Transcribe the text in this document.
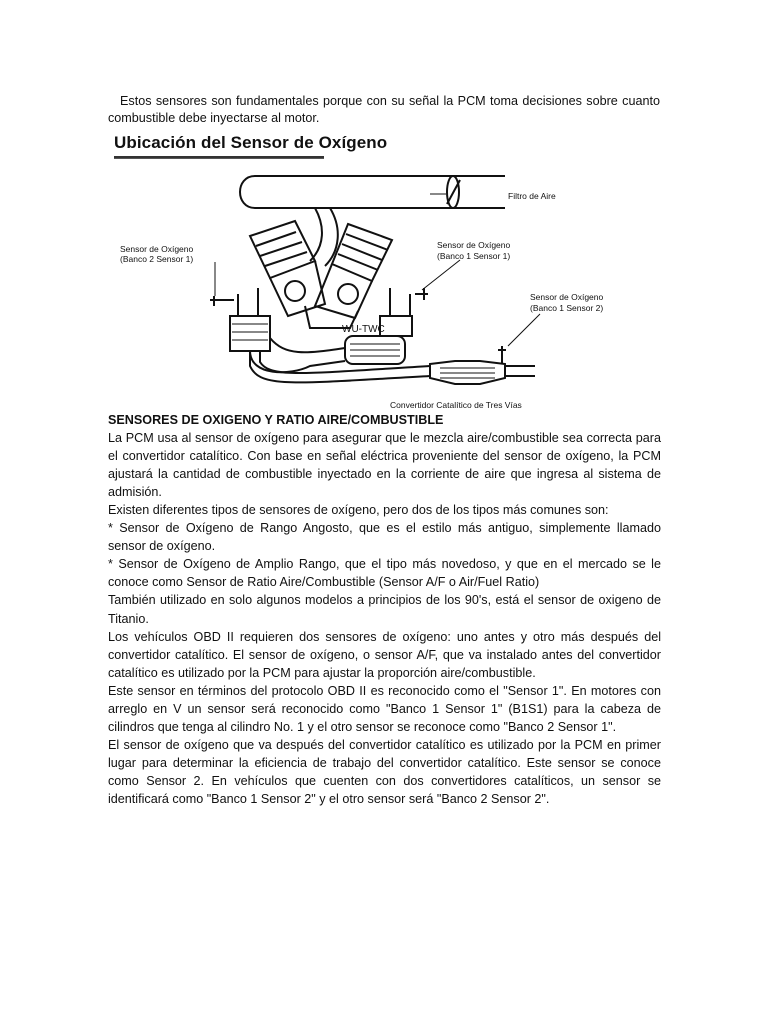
Estos sensores son fundamentales porque con su señal la PCM toma decisiones sobre cuanto combustible debe inyectarse al motor.

Ubicación del Sensor de Oxígeno
Filtro de Aire
Sensor de Oxígeno
(Banco 2 Sensor 1)
Sensor de Oxígeno
(Banco 1 Sensor 1)
Sensor de Oxígeno
(Banco 1 Sensor 2)
WU-TWC
Convertidor Catalítico de Tres Vías

SENSORES DE OXIGENO Y RATIO AIRE/COMBUSTIBLE

La PCM usa al sensor de oxígeno para asegurar que le mezcla aire/combustible sea correcta para el convertidor catalítico. Con base en señal eléctrica proveniente del sensor de oxígeno, la PCM ajustará la cantidad de combustible inyectado en la corriente de aire que ingresa al sistema de admisión.

Existen diferentes tipos de sensores de oxígeno, pero dos de los tipos más comunes son:

* Sensor de Oxígeno de Rango Angosto, que es el estilo más antiguo, simplemente llamado sensor de oxígeno.

* Sensor de Oxígeno de Amplio Rango, que el tipo más novedoso, y que en el mercado se le conoce como Sensor de Ratio Aire/Combustible (Sensor A/F o Air/Fuel Ratio)

También utilizado en solo algunos modelos a principios de los 90's, está el sensor de oxigeno de Titanio.

Los vehículos OBD II requieren dos sensores de oxígeno: uno antes y otro más después del convertidor catalítico. El sensor de oxígeno, o sensor A/F, que va instalado antes del convertidor catalítico es utilizado por la PCM para ajustar la proporción aire/combustible.

Este sensor en términos del protocolo OBD II es reconocido como el "Sensor 1". En motores con arreglo en V un sensor será reconocido como "Banco 1 Sensor 1" (B1S1) para la cabeza de cilindros que tenga al cilindro No. 1 y el otro sensor se reconoce como "Banco 2 Sensor 1".

El sensor de oxígeno que va después del convertidor catalítico es utilizado por la PCM en primer lugar para determinar la eficiencia de trabajo del convertidor catalítico. Este sensor se conoce como Sensor 2. En vehículos que cuenten con dos convertidores catalíticos, un sensor se identificará como "Banco 1 Sensor 2" y el otro sensor será "Banco 2 Sensor 2".
